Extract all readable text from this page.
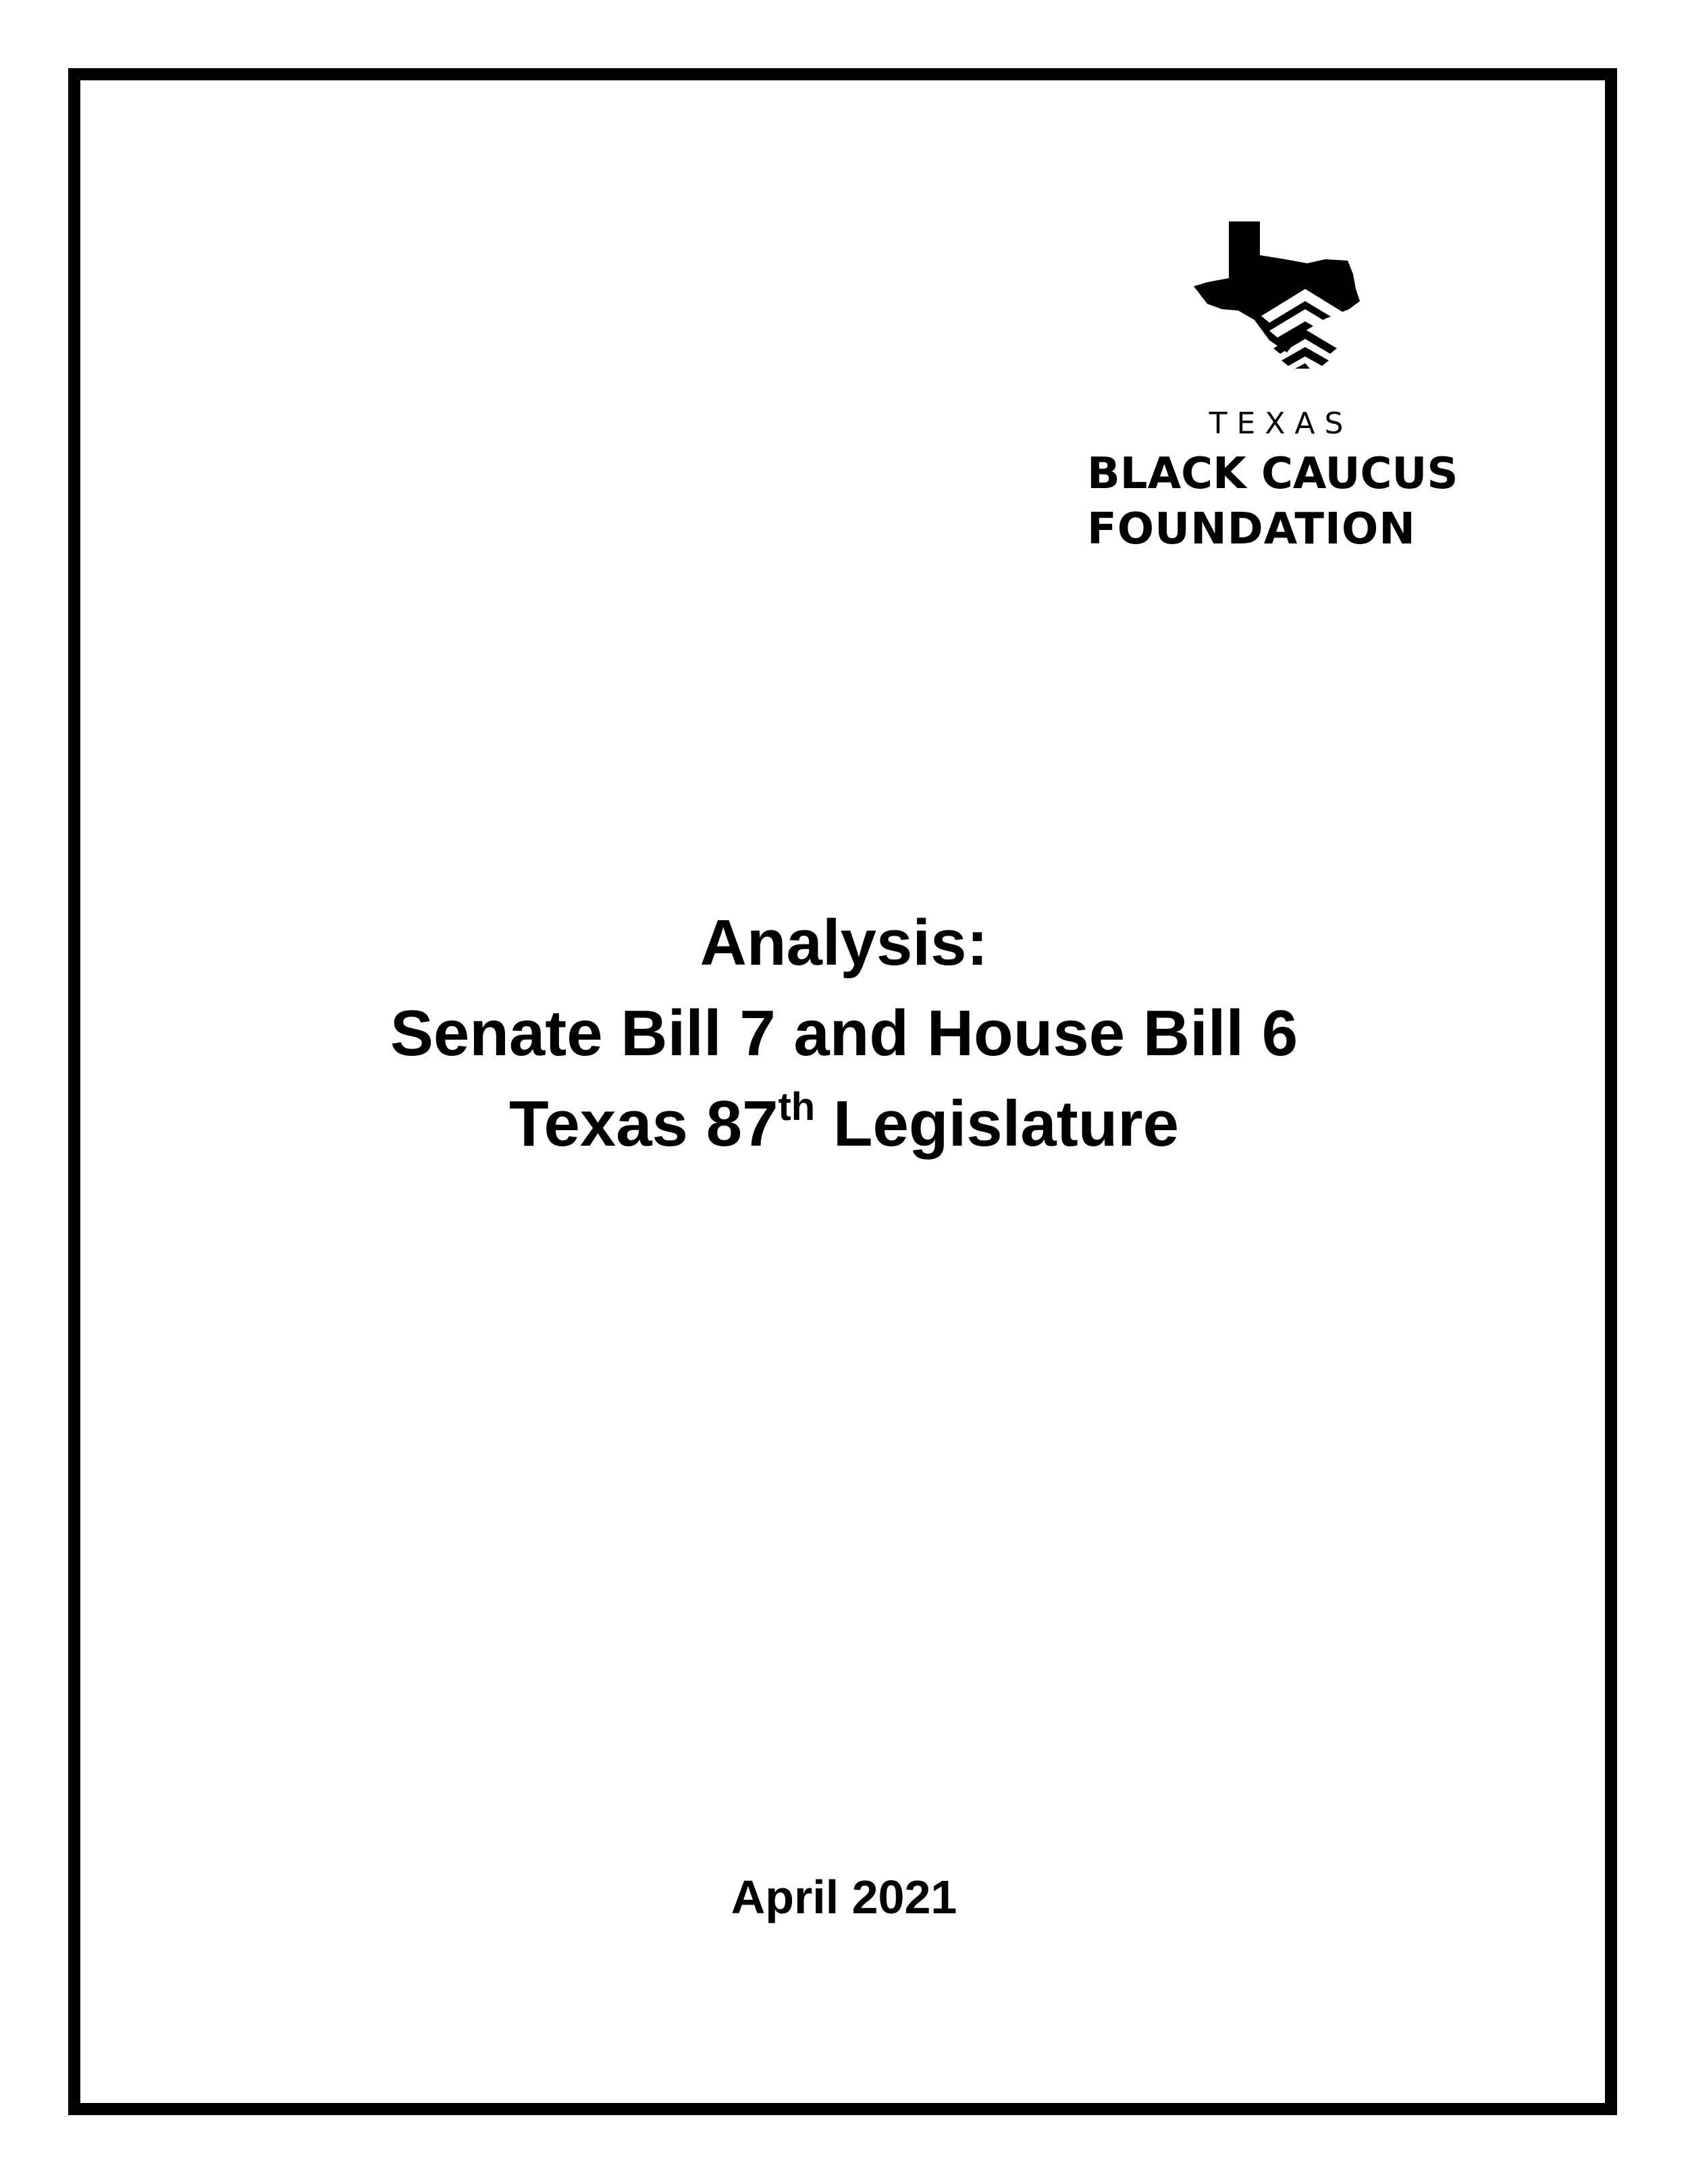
TEXAS
BLACK CAUCUS
FOUNDATION
Analysis:
Senate Bill 7 and House Bill 6
Texas 87th Legislature
April 2021
